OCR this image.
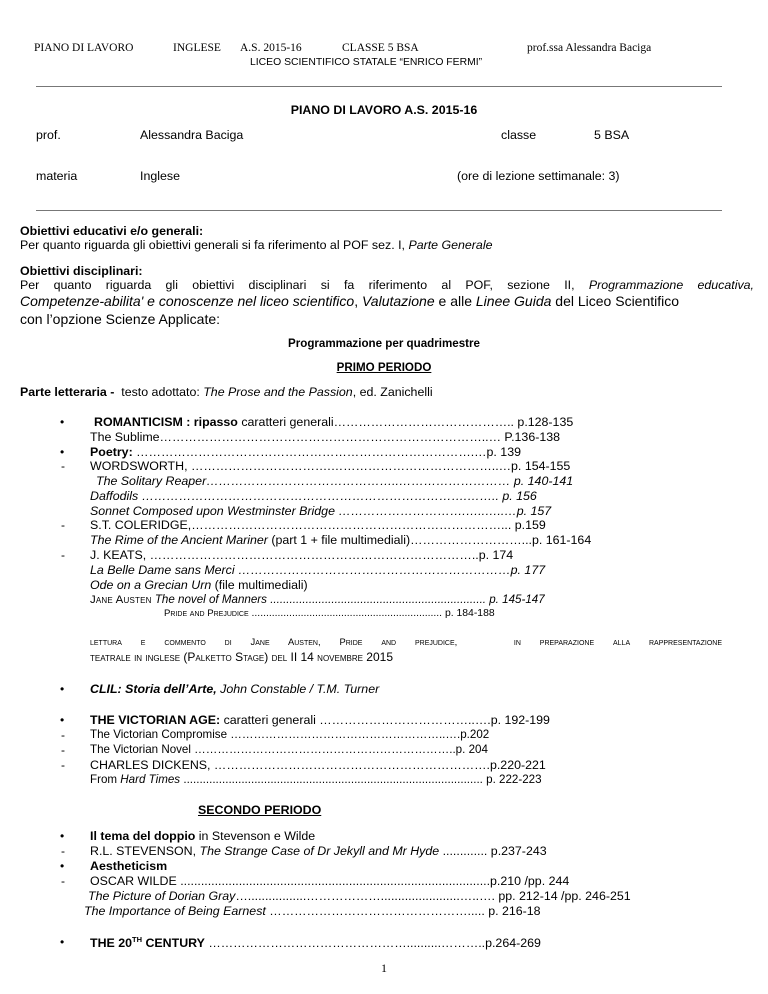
PIANO DI LAVORO	INGLESE A.S. 2015-16	CLASSE 5 BSA	prof.ssa Alessandra Baciga
LICEO SCIENTIFICO STATALE “ENRICO FERMI”
PIANO DI LAVORO A.S. 2015-16
prof.	Alessandra Baciga	classe	5 BSA
materia	Inglese	(ore di lezione settimanale: 3)
Obiettivi educativi e/o generali:
Per quanto riguarda gli obiettivi generali si fa riferimento al POF sez. I, Parte Generale
Obiettivi disciplinari:
Per quanto riguarda gli obiettivi disciplinari si fa riferimento al POF, sezione II, Programmazione educativa,
Competenze-abilita' e conoscenze nel liceo scientifico, Valutazione e alle Linee Guida del Liceo Scientifico
con l’opzione Scienze Applicate:
Programmazione per quadrimestre
PRIMO PERIODO
Parte letteraria - testo adottato: The Prose and the Passion, ed. Zanichelli
• ROMANTICISM : ripasso caratteri generali…………………………………….. p.128-135
The Sublime……………………………………………………………………..… P.136-138
• Poetry: ……………………………………………………………………….…p. 139
- WORDSWORTH, …………………………….…………………………………..…p. 154-155
The Solitary Reaper………………………………………..……………………… p. 140-141
Daffodils …………………………………………………………………….…….. p. 156
Sonnet Composed upon Westminster Bridge ………………………….…..…..…p. 157
- S.T. COLERIDGE,…………………………………………………………………... p.159
The Rime of the Ancient Mariner (part 1 + file multimediali)………………………...p. 161-164
- J. KEATS, ……………………………………………………………………..p. 174
La Belle Dame sans Merci …………………………………………………………p. 177
Ode on a Grecian Urn (file multimediali)
Jane Austen The novel of Manners ................................................................... p. 145-147
Pride and Prejudice .................................................................. p. 184-188
lettura e commento di Jane Austen, Pride and prejudice,	in preparazione alla rappresentazione
teatrale in inglese (Palketto Stage) del II 14 novembre 2015
• CLIL: Storia dell’Arte, John Constable / T.M. Turner
• THE VICTORIAN AGE: caratteri generali ………………………………..….p. 192-199
- The Victorian Compromise ………………………………………………..….p.202
- The Victorian Novel …………………………………………………………..p. 204
- CHARLES DICKENS, ………………………………………………………….p.220-221
From Hard Times ............................................................................................. p. 222-223
SECONDO PERIODO
• Il tema del doppio in Stevenson e Wilde
- R.L. STEVENSON, The Strange Case of Dr Jekyll and Mr Hyde ............. p.237-243
• Aestheticism
- OSCAR WILDE ..........................................................................................p.210 /pp. 244
The Picture of Dorian Gray….................……………….......................…..…. pp. 212-14 /pp. 246-251
The Importance of Being Earnest …………………………………………..... p. 216-18
• THE 20TH CENTURY …………………………………………..........………..p.264-269
1
